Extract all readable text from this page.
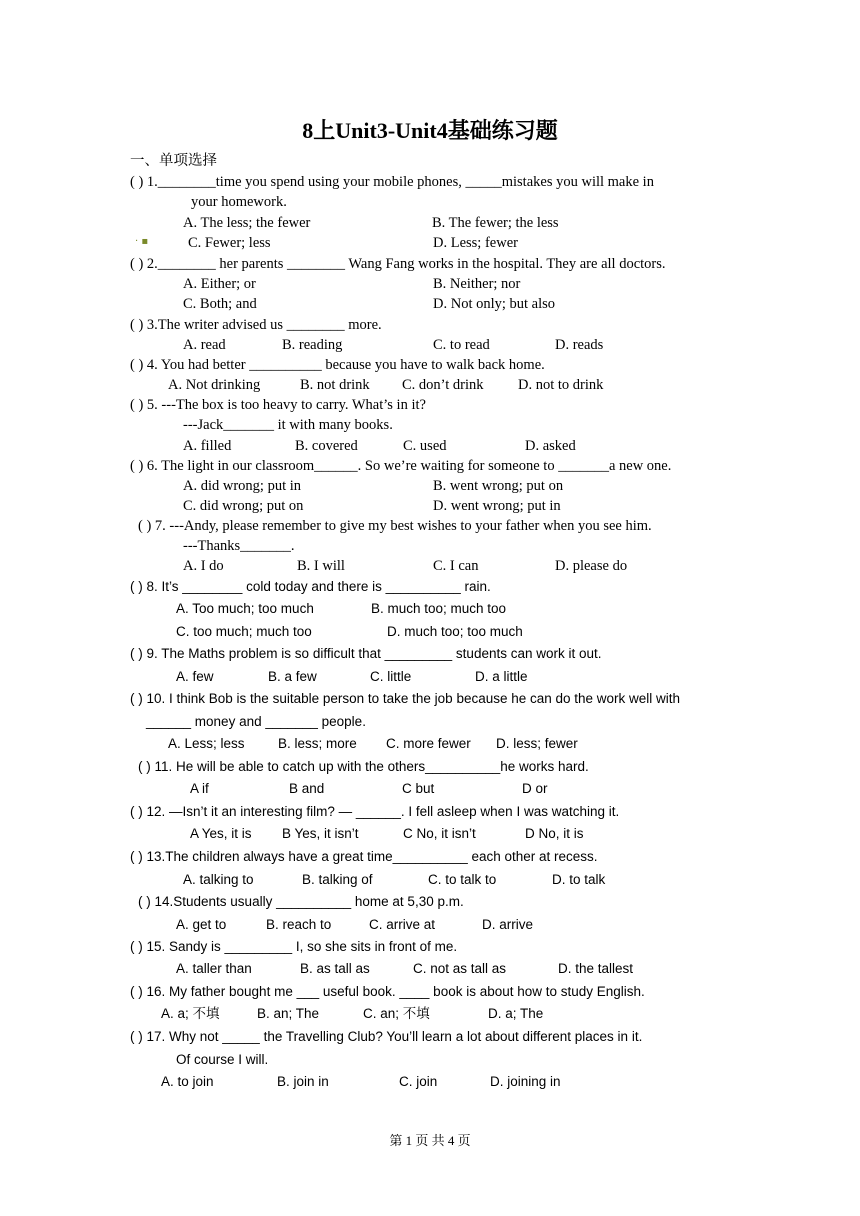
8上Unit3-Unit4基础练习题
一、单项选择
· ▪
( ) 1.________time you spend using your mobile phones, _____mistakes you will make in
your homework.
A. The less; the fewer	B. The fewer; the less
C. Fewer; less	D. Less; fewer
( ) 2.________ her parents ________ Wang Fang works in the hospital. They are all doctors.
A. Either; or	B. Neither; nor
C. Both; and	D. Not only; but also
( ) 3.The writer advised us ________ more.
A. read	B. reading	C. to read	D. reads
( ) 4. You had better __________ because you have to walk back home.
A. Not drinking	B. not drink C. don’t drink D. not to drink
( ) 5. ---The box is too heavy to carry. What’s in it?
---Jack_______ it with many books.
A. filled	B. covered	C. used	D. asked
( ) 6. The light in our classroom______. So we’re waiting for someone to _______a new one.
A. did wrong; put in	B. went wrong; put on
C. did wrong; put on	D. went wrong; put in
( ) 7. ---Andy, please remember to give my best wishes to your father when you see him.
---Thanks_______.
A. I do	B. I will	C. I can	D. please do
( ) 8. It’s ________ cold today and there is __________ rain.
A. Too much; too much	B. much too; much too
C. too much; much too	D. much too; too much
( ) 9. The Maths problem is so difficult that _________ students can work it out.
A. few	B. a few	C. little	D. a little
( ) 10. I think Bob is the suitable person to take the job because he can do the work well with
______ money and _______ people.
A. Less; less B. less; more C. more fewer D. less; fewer
( ) 11. He will be able to catch up with the others__________he works hard.
A if	B and	C but	D or
( ) 12. —Isn’t it an interesting film? — ______. I fell asleep when I was watching it.
A Yes, it is B Yes, it isn’t	C No, it isn’t	D No, it is
( ) 13.The children always have a great time__________ each other at recess.
A. talking to	B. talking of	C. to talk to	D. to talk
( ) 14.Students usually __________ home at 5,30 p.m.
A. get to	B. reach to	C. arrive at	D. arrive
( ) 15. Sandy is _________ I, so she sits in front of me.
A. taller than	B. as tall as	C. not as tall as	D. the tallest
( ) 16. My father bought me ___ useful book. ____ book is about how to study English.
A. a; 不填	B. an; The	C. an; 不填	D. a; The
( ) 17. Why not _____ the Travelling Club? You’ll learn a lot about different places in it.
Of course I will.
A. to join	B. join in	C. join	D. joining in
第 1 页 共 4 页
